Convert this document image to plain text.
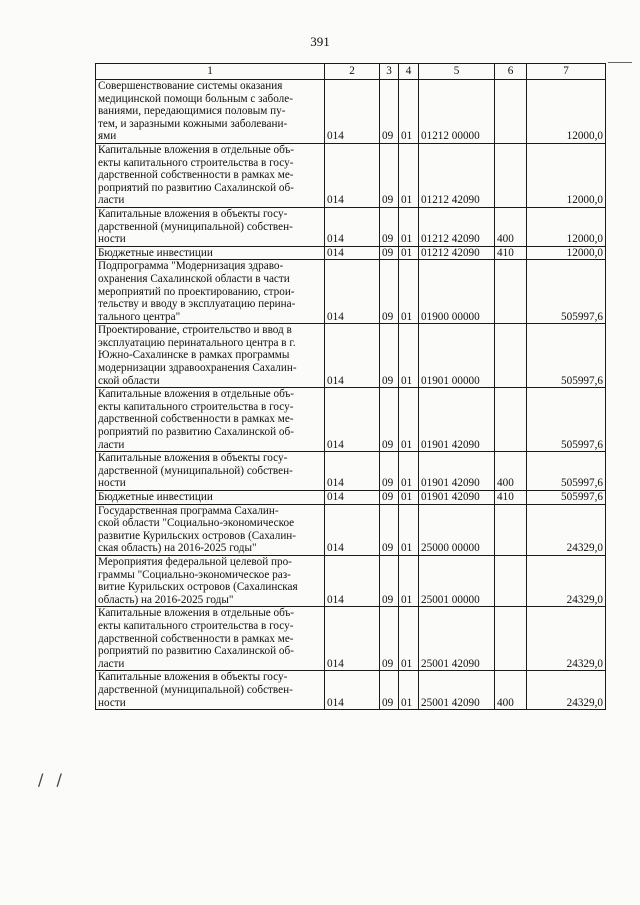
391
/ /
1	2	3	4	5	6	7

Совершенствование системы оказания
медицинской помощи больным с заболе-
ваниями, передающимися половым пу-
тем, и заразными кожными заболевани-
ями	014	09	01	01212 00000		12000,0

Капитальные вложения в отдельные объ-
екты капитального строительства в госу-
дарственной собственности в рамках ме-
роприятий по развитию Сахалинской об-
ласти	014	09	01	01212 42090		12000,0

Капитальные вложения в объекты госу-
дарственной (муниципальной) собствен-
ности	014	09	01	01212 42090	400	12000,0

Бюджетные инвестиции	014	09	01	01212 42090	410	12000,0

Подпрограмма "Модернизация здраво-
охранения Сахалинской области в части
мероприятий по проектированию, строи-
тельству и вводу в эксплуатацию перина-
тального центра"	014	09	01	01900 00000		505997,6

Проектирование, строительство и ввод в
эксплуатацию перинатального центра в г.
Южно-Сахалинске в рамках программы
модернизации здравоохранения Сахалин-
ской области	014	09	01	01901 00000		505997,6

Капитальные вложения в отдельные объ-
екты капитального строительства в госу-
дарственной собственности в рамках ме-
роприятий по развитию Сахалинской об-
ласти	014	09	01	01901 42090		505997,6

Капитальные вложения в объекты госу-
дарственной (муниципальной) собствен-
ности	014	09	01	01901 42090	400	505997,6

Бюджетные инвестиции	014	09	01	01901 42090	410	505997,6

Государственная программа Сахалин-
ской области "Социально-экономическое
развитие Курильских островов (Сахалин-
ская область) на 2016-2025 годы"	014	09	01	25000 00000		24329,0

Мероприятия федеральной целевой про-
граммы "Социально-экономическое раз-
витие Курильских островов (Сахалинская
область) на 2016-2025 годы"	014	09	01	25001 00000		24329,0

Капитальные вложения в отдельные объ-
екты капитального строительства в госу-
дарственной собственности в рамках ме-
роприятий по развитию Сахалинской об-
ласти	014	09	01	25001 42090		24329,0

Капитальные вложения в объекты госу-
дарственной (муниципальной) собствен-
ности	014	09	01	25001 42090	400	24329,0
